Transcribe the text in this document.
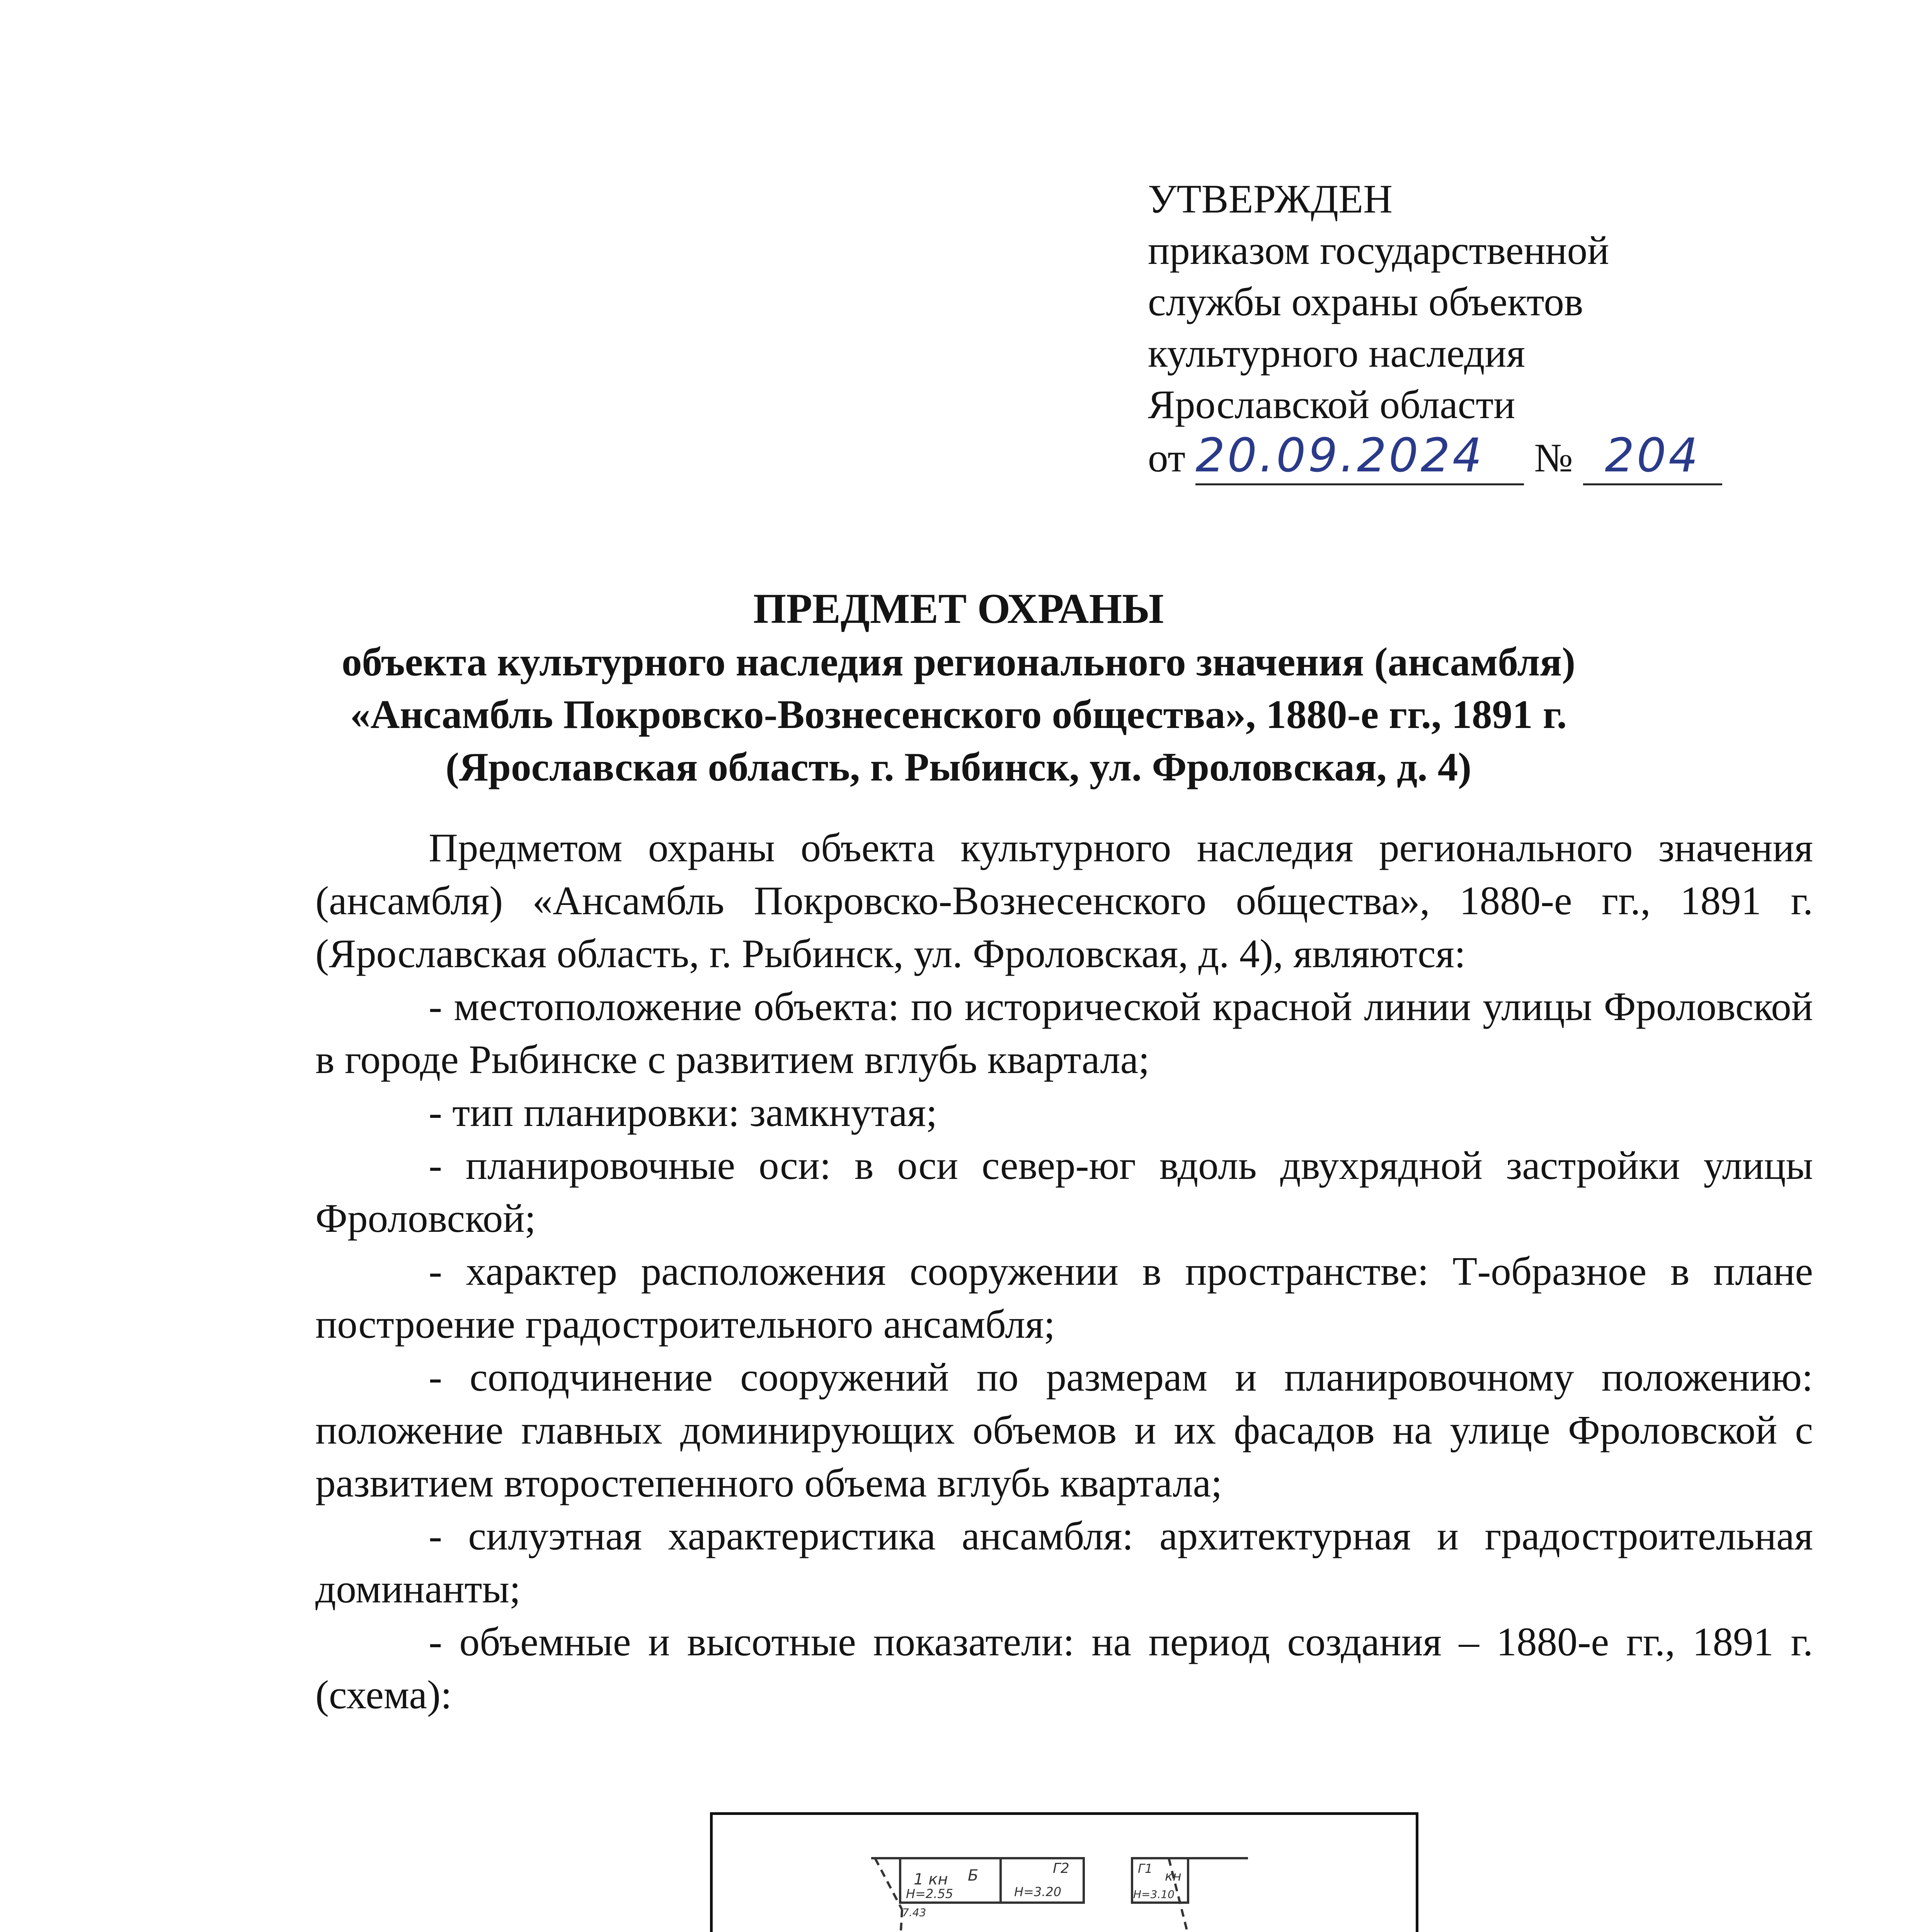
УТВЕРЖДЕН
приказом государственной
службы охраны объектов
культурного наследия
Ярославской области
от 20.09.2024 № 204
ПРЕДМЕТ ОХРАНЫ
объекта культурного наследия регионального значения (ансамбля)
«Ансамбль Покровско-Вознесенского общества», 1880-е гг., 1891 г.
(Ярославская область, г. Рыбинск, ул. Фроловская, д. 4)

Предметом охраны объекта культурного наследия регионального значения (ансамбля) «Ансамбль Покровско-Вознесенского общества», 1880-е гг., 1891 г. (Ярославская область, г. Рыбинск, ул. Фроловская, д. 4), являются:

- местоположение объекта: по исторической красной линии улицы Фроловской в городе Рыбинске с развитием вглубь квартала;

- тип планировки: замкнутая;

- планировочные оси: в оси север-юг вдоль двухрядной застройки улицы Фроловской;

- характер расположения сооружении в пространстве: Т-образное в плане построение градостроительного ансамбля;

- соподчинение сооружений по размерам и планировочному положению: положение главных доминирующих объемов и их фасадов на улице Фроловской с развитием второстепенного объема вглубь квартала;

- силуэтная характеристика ансамбля: архитектурная и градостроительная доминанты;

- объемные и высотные показатели: на период создания – 1880-е гг., 1891 г. (схема):

1 кн Б
Н=2.55
Г2
Н=3.20
кн
Г1
Н=3.10
7.43
